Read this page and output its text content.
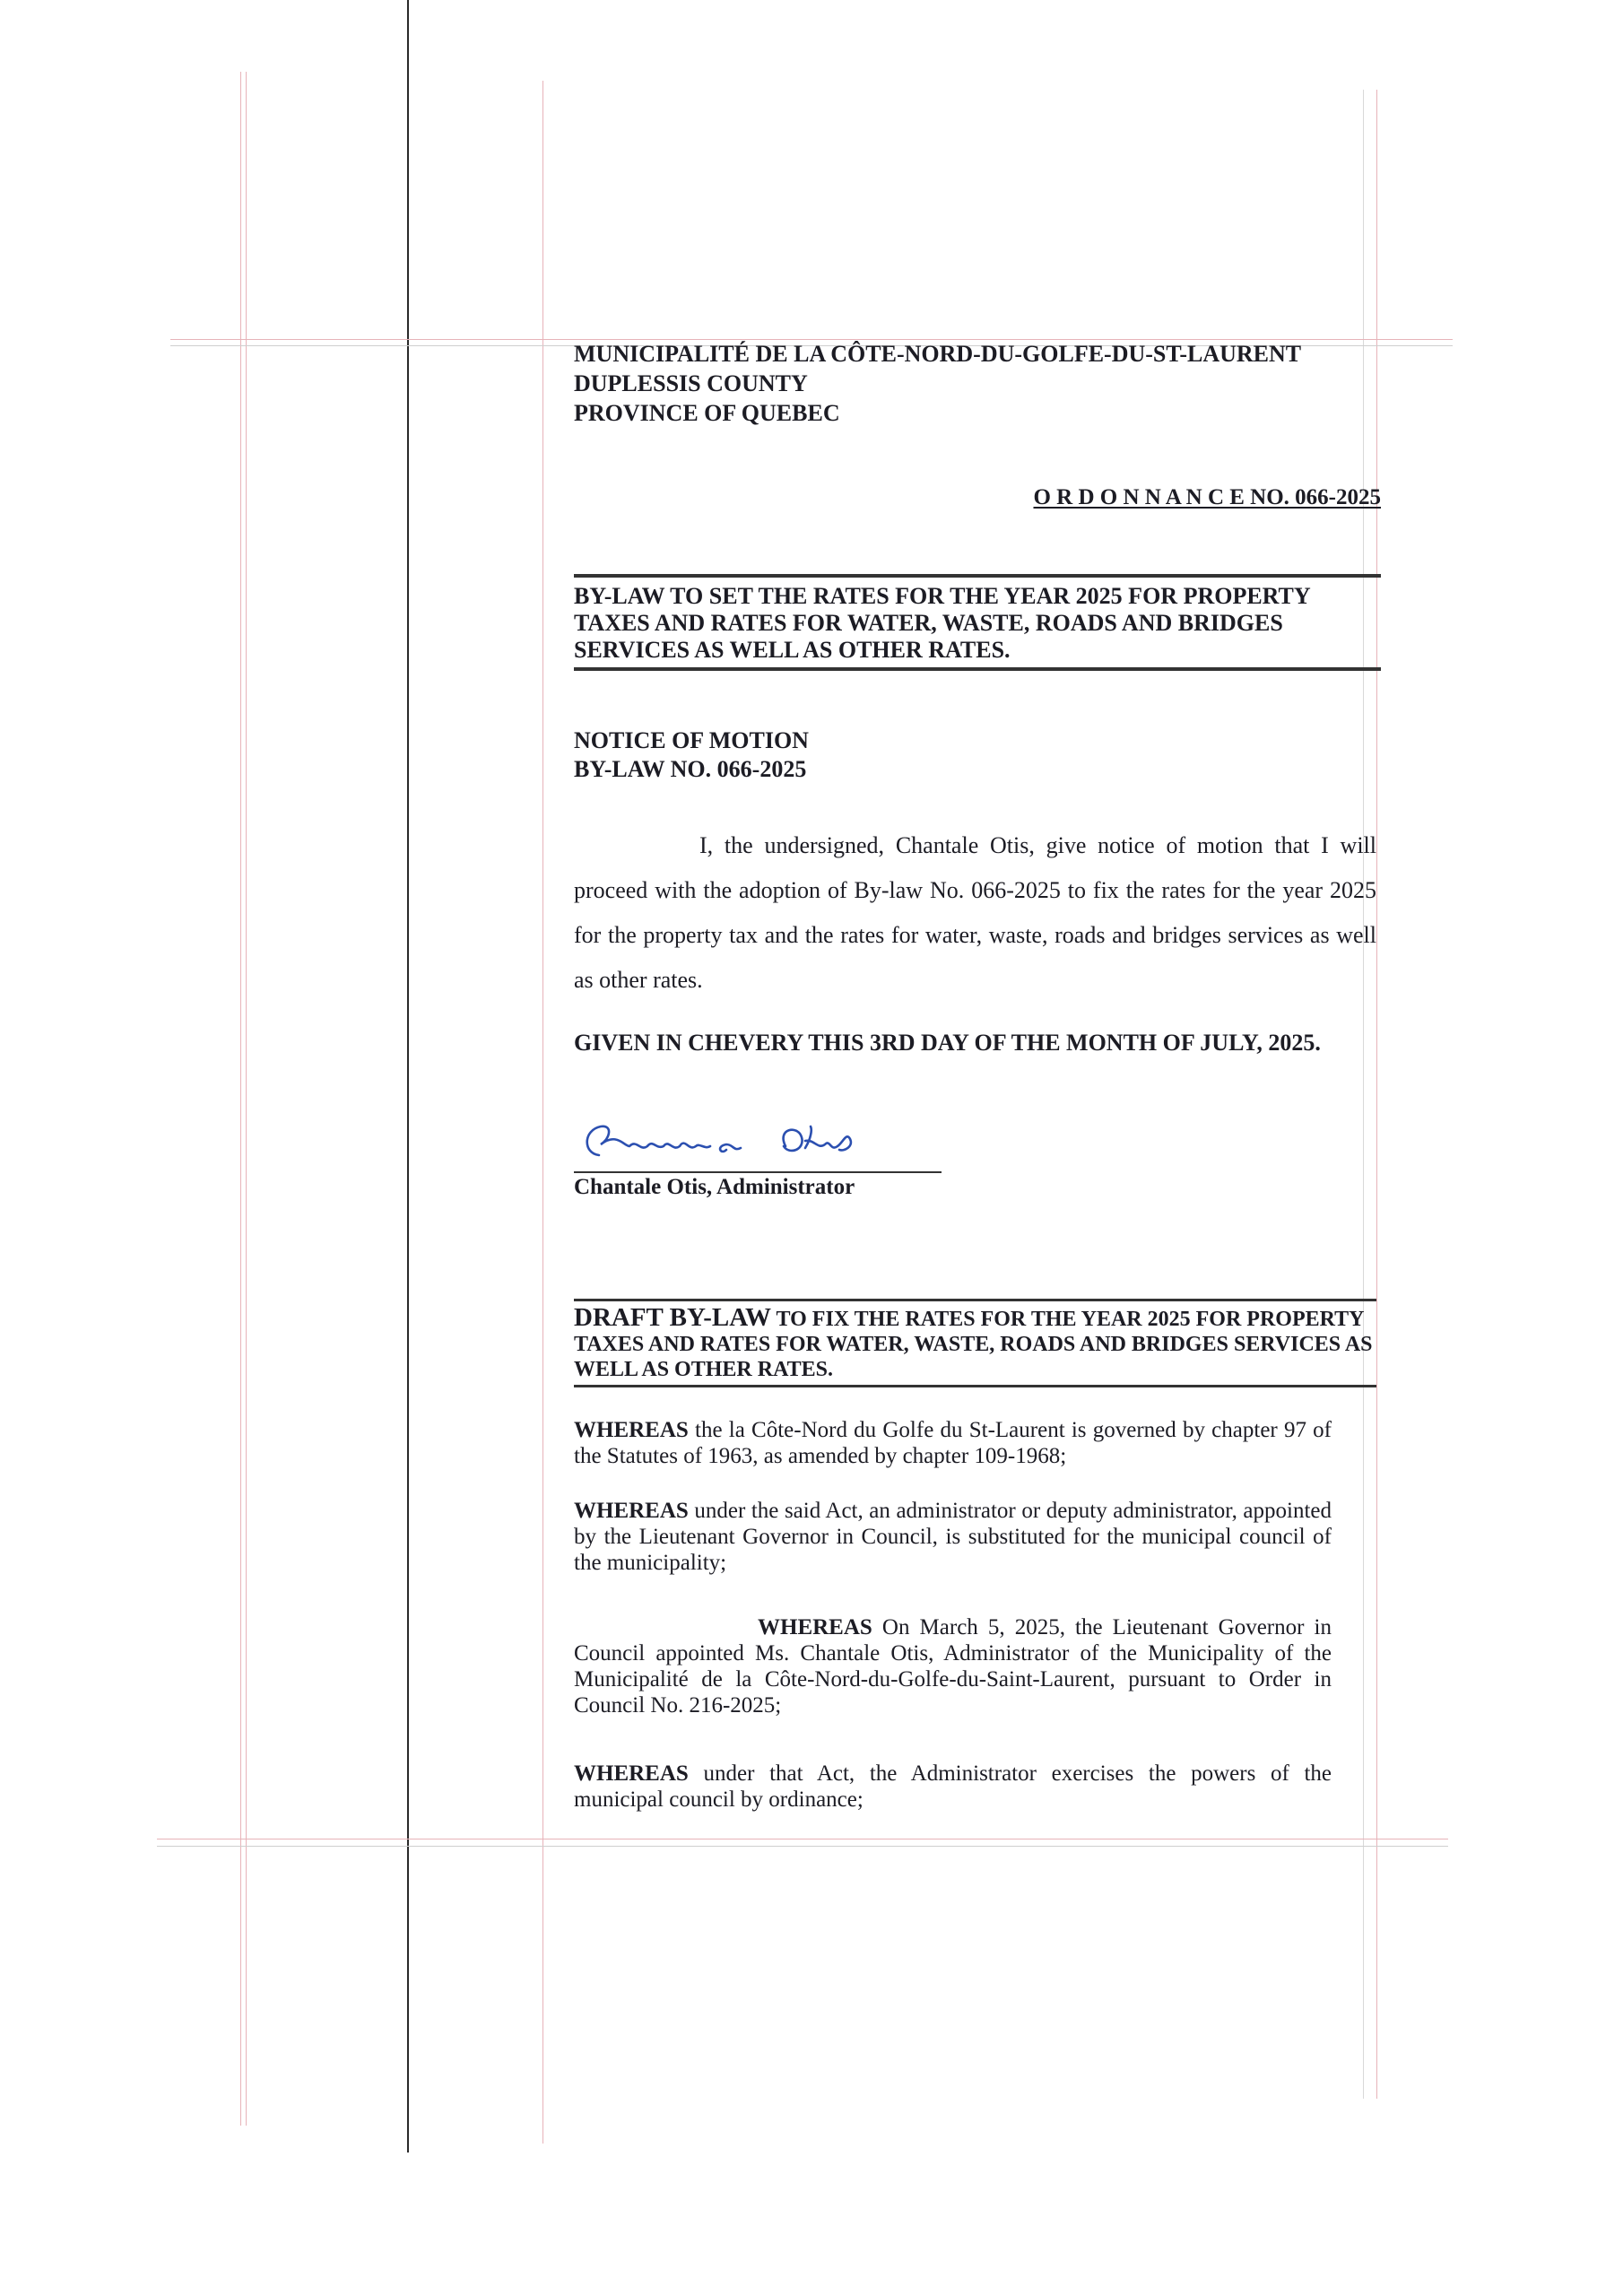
MUNICIPALITÉ DE LA CÔTE-NORD-DU-GOLFE-DU-ST-LAURENT
DUPLESSIS COUNTY
PROVINCE OF QUEBEC
O R D O N N A N C E NO. 066-2025
BY-LAW TO SET THE RATES FOR THE YEAR 2025 FOR PROPERTY TAXES AND RATES FOR WATER, WASTE, ROADS AND BRIDGES SERVICES AS WELL AS OTHER RATES.
NOTICE OF MOTION
BY-LAW NO. 066-2025
I, the undersigned, Chantale Otis, give notice of motion that I will proceed with the adoption of By-law No. 066-2025 to fix the rates for the year 2025 for the property tax and the rates for water, waste, roads and bridges services as well as other rates.
GIVEN IN CHEVERY THIS 3RD DAY OF THE MONTH OF JULY, 2025.
Chantale Otis, Administrator
DRAFT BY-LAW TO FIX THE RATES FOR THE YEAR 2025 FOR PROPERTY TAXES AND RATES FOR WATER, WASTE, ROADS AND BRIDGES SERVICES AS WELL AS OTHER RATES.
WHEREAS the la Côte-Nord du Golfe du St-Laurent is governed by chapter 97 of the Statutes of 1963, as amended by chapter 109-1968;
WHEREAS under the said Act, an administrator or deputy administrator, appointed by the Lieutenant Governor in Council, is substituted for the municipal council of the municipality;
WHEREAS On March 5, 2025, the Lieutenant Governor in Council appointed Ms. Chantale Otis, Administrator of the Municipality of the Municipalité de la Côte-Nord-du-Golfe-du-Saint-Laurent, pursuant to Order in Council No. 216-2025;
WHEREAS under that Act, the Administrator exercises the powers of the municipal council by ordinance;
